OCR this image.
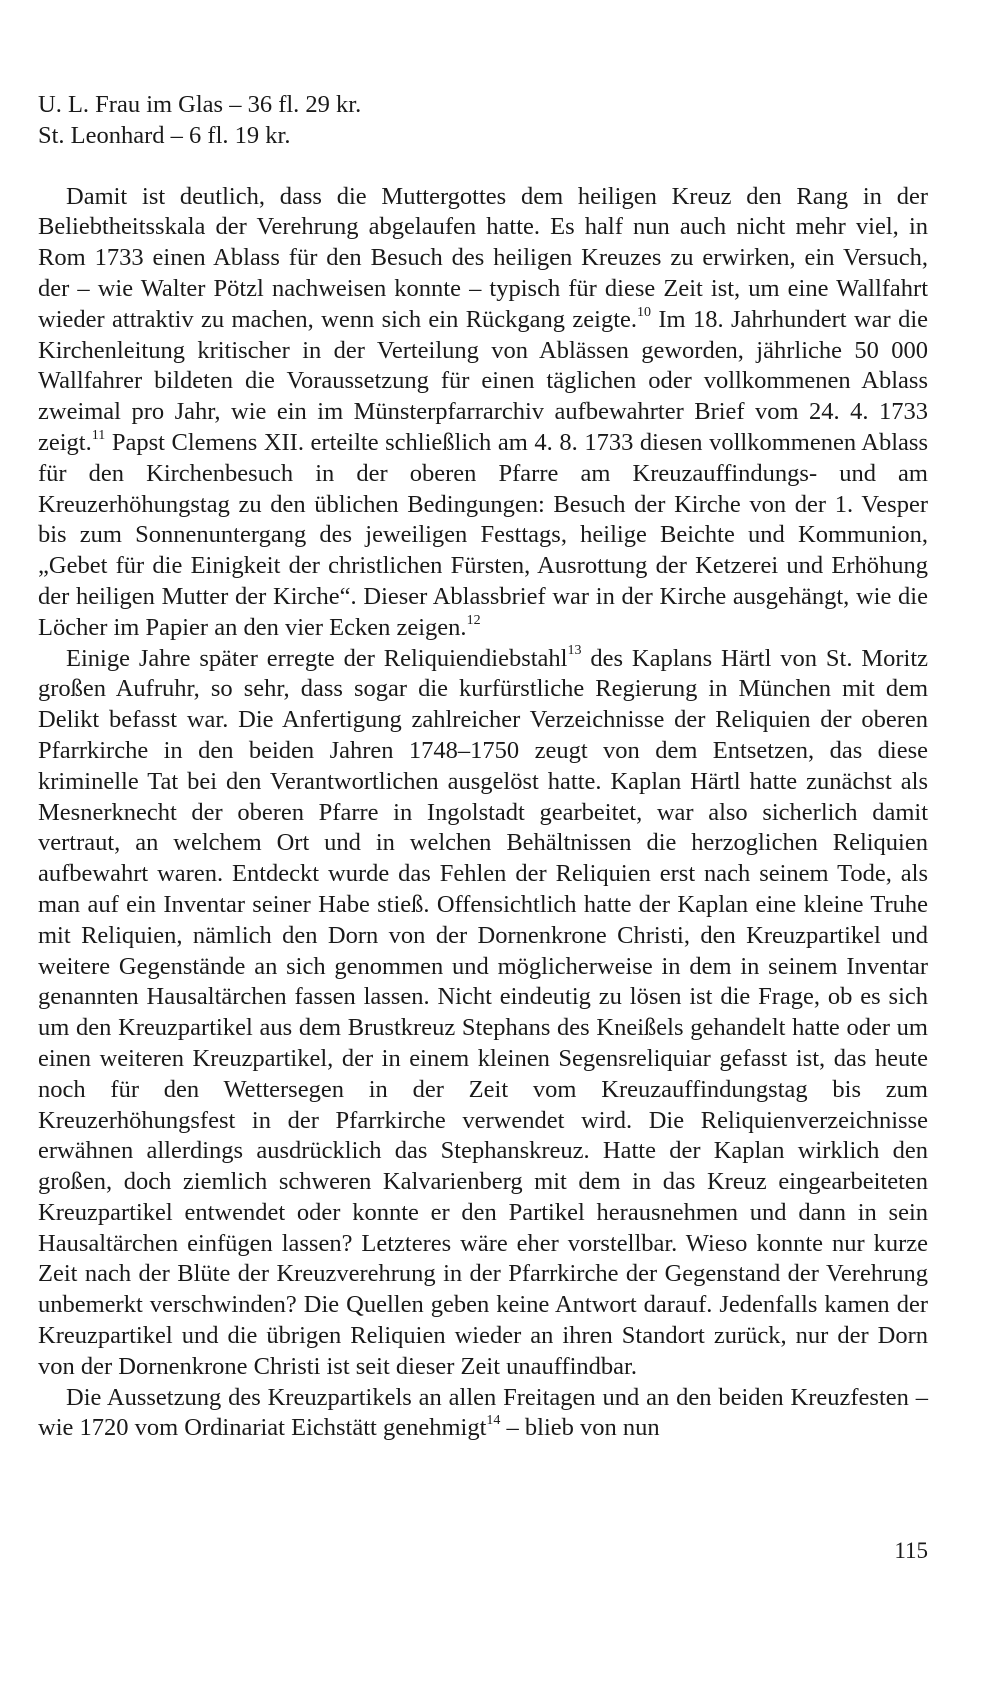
U. L. Frau im Glas – 36 fl. 29 kr.

St. Leonhard – 6 fl. 19 kr.

Damit ist deutlich, dass die Muttergottes dem heiligen Kreuz den Rang in der Beliebtheitsskala der Verehrung abgelaufen hatte. Es half nun auch nicht mehr viel, in Rom 1733 einen Ablass für den Besuch des heiligen Kreuzes zu erwirken, ein Versuch, der – wie Walter Pötzl nachweisen konnte – typisch für diese Zeit ist, um eine Wallfahrt wieder attraktiv zu machen, wenn sich ein Rückgang zeigte.$^{10}$ Im 18. Jahrhundert war die Kirchenleitung kritischer in der Verteilung von Ablässen geworden, jährliche 50 000 Wallfahrer bildeten die Voraussetzung für einen täglichen oder vollkommenen Ablass zweimal pro Jahr, wie ein im Münsterpfarrarchiv aufbewahrter Brief vom 24. 4. 1733 zeigt.$^{11}$ Papst Clemens XII. erteilte schließlich am 4. 8. 1733 diesen vollkommenen Ablass für den Kirchenbesuch in der oberen Pfarre am Kreuzauffindungs- und am Kreuzerhöhungstag zu den üblichen Bedingungen: Besuch der Kirche von der 1. Vesper bis zum Sonnenuntergang des jeweiligen Festtags, heilige Beichte und Kommunion, „Gebet für die Einigkeit der christlichen Fürsten, Ausrottung der Ketzerei und Erhöhung der heiligen Mutter der Kirche“. Dieser Ablassbrief war in der Kirche ausgehängt, wie die Löcher im Papier an den vier Ecken zeigen.$^{12}$

Einige Jahre später erregte der Reliquiendiebstahl$^{13}$ des Kaplans Härtl von St. Moritz großen Aufruhr, so sehr, dass sogar die kurfürstliche Regierung in München mit dem Delikt befasst war. Die Anfertigung zahlreicher Verzeichnisse der Reliquien der oberen Pfarrkirche in den beiden Jahren 1748–1750 zeugt von dem Entsetzen, das diese kriminelle Tat bei den Verantwortlichen ausgelöst hatte. Kaplan Härtl hatte zunächst als Mesnerknecht der oberen Pfarre in Ingolstadt gearbeitet, war also sicherlich damit vertraut, an welchem Ort und in welchen Behältnissen die herzoglichen Reliquien aufbewahrt waren. Entdeckt wurde das Fehlen der Reliquien erst nach seinem Tode, als man auf ein Inventar seiner Habe stieß. Offensichtlich hatte der Kaplan eine kleine Truhe mit Reliquien, nämlich den Dorn von der Dornenkrone Christi, den Kreuzpartikel und weitere Gegenstände an sich genommen und möglicherweise in dem in seinem Inventar genannten Hausaltärchen fassen lassen. Nicht eindeutig zu lösen ist die Frage, ob es sich um den Kreuzpartikel aus dem Brustkreuz Stephans des Kneißels gehandelt hatte oder um einen weiteren Kreuzpartikel, der in einem kleinen Segensreliquiar gefasst ist, das heute noch für den Wettersegen in der Zeit vom Kreuzauffindungstag bis zum Kreuzerhöhungsfest in der Pfarrkirche verwendet wird. Die Reliquienverzeichnisse erwähnen allerdings ausdrücklich das Stephanskreuz. Hatte der Kaplan wirklich den großen, doch ziemlich schweren Kalvarienberg mit dem in das Kreuz eingearbeiteten Kreuzpartikel entwendet oder konnte er den Partikel herausnehmen und dann in sein Hausaltärchen einfügen lassen? Letzteres wäre eher vorstellbar. Wieso konnte nur kurze Zeit nach der Blüte der Kreuzverehrung in der Pfarrkirche der Gegenstand der Verehrung unbemerkt verschwinden? Die Quellen geben keine Antwort darauf. Jedenfalls kamen der Kreuzpartikel und die übrigen Reliquien wieder an ihren Standort zurück, nur der Dorn von der Dornenkrone Christi ist seit dieser Zeit unauffindbar.

Die Aussetzung des Kreuzpartikels an allen Freitagen und an den beiden Kreuzfesten – wie 1720 vom Ordinariat Eichstätt genehmigt$^{14}$ – blieb von nun

115
